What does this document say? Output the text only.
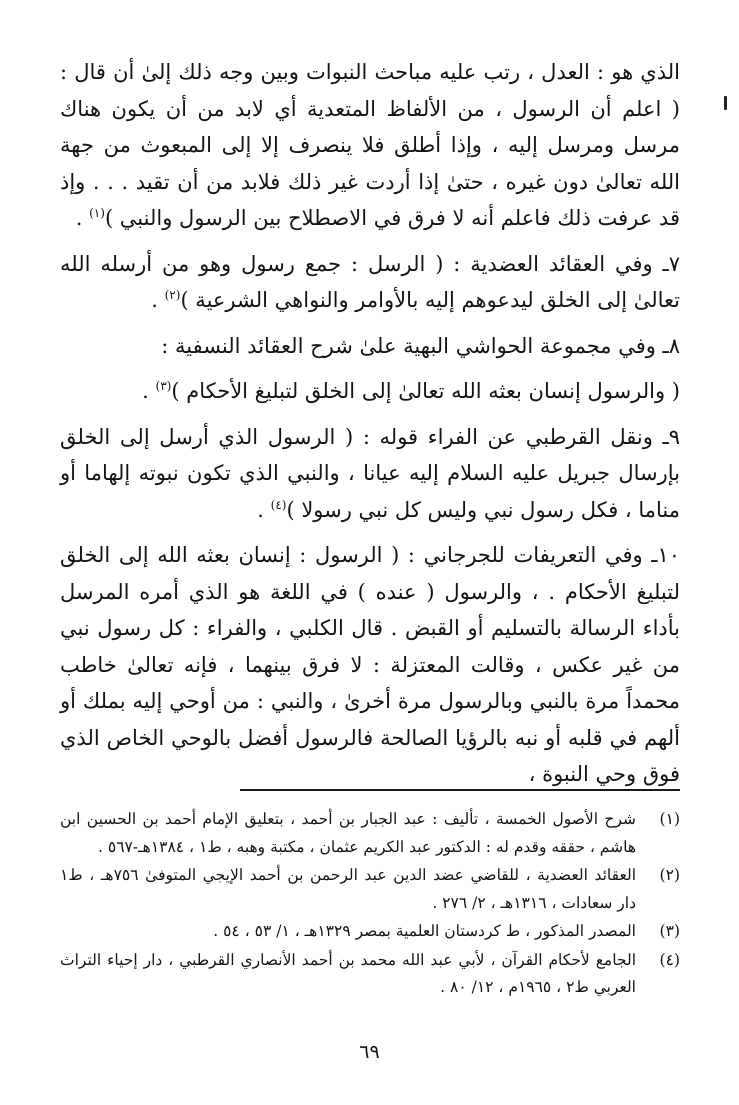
الذي هو : العدل ، رتب عليه مباحث النبوات وبين وجه ذلك إلىٰ أن قال : ( اعلم أن الرسول ، من الألفاظ المتعدية أي لابد من أن يكون هناك مرسل ومرسل إليه ، وإذا أطلق فلا ينصرف إلا إلى المبعوث من جهة الله تعالىٰ دون غيره ، حتىٰ إذا أردت غير ذلك فلابد من أن تقيد . . . وإذ قد عرفت ذلك فاعلم أنه لا فرق في الاصطلاح بين الرسول والنبي )$^{(١)}$ .

٧ـ وفي العقائد العضدية : ( الرسل : جمع رسول وهو من أرسله الله تعالىٰ إلى الخلق ليدعوهم إليه بالأوامر والنواهي الشرعية )$^{(٢)}$ .

٨ـ وفي مجموعة الحواشي البهية علىٰ شرح العقائد النسفية :

( والرسول إنسان بعثه الله تعالىٰ إلى الخلق لتبليغ الأحكام )$^{(٣)}$ .

٩ـ ونقل القرطبي عن الفراء قوله : ( الرسول الذي أرسل إلى الخلق بإرسال جبريل عليه السلام إليه عيانا ، والنبي الذي تكون نبوته إلهاما أو مناما ، فكل رسول نبي وليس كل نبي رسولا )$^{(٤)}$ .

١٠ـ وفي التعريفات للجرجاني : ( الرسول : إنسان بعثه الله إلى الخلق لتبليغ الأحكام . ، والرسول ( عنده ) في اللغة هو الذي أمره المرسل بأداء الرسالة بالتسليم أو القبض . قال الكلبي ، والفراء : كل رسول نبي من غير عكس ، وقالت المعتزلة : لا فرق بينهما ، فإنه تعالىٰ خاطب محمداً مرة بالنبي وبالرسول مرة أخرىٰ ، والنبي : من أوحي إليه بملك أو ألهم في قلبه أو نبه بالرؤيا الصالحة فالرسول أفضل بالوحي الخاص الذي فوق وحي النبوة ،

(١)
شرح الأصول الخمسة ، تأليف : عبد الجبار بن أحمد ، بتعليق الإمام أحمد بن الحسين ابن هاشم ، حققه وقدم له : الدكتور عبد الكريم عثمان ، مكتبة وهبه ، ط١ ، ١٣٨٤هـ-٥٦٧ .
(٢)
العقائد العضدية ، للقاضي عضد الدين عبد الرحمن بن أحمد الإيجي المتوفىٰ ٧٥٦هـ ، ط١ دار سعادات ، ١٣١٦هـ ، ٢/ ٢٧٦ .
(٣)
المصدر المذكور ، ط كردستان العلمية بمصر ١٣٢٩هـ ، ١/ ٥٣ ، ٥٤ .
(٤)
الجامع لأحكام القرآن ، لأبي عبد الله محمد بن أحمد الأنصاري القرطبي ، دار إحياء التراث العربي ط٢ ، ١٩٦٥م ، ١٢/ ٨٠ .
٦٩
